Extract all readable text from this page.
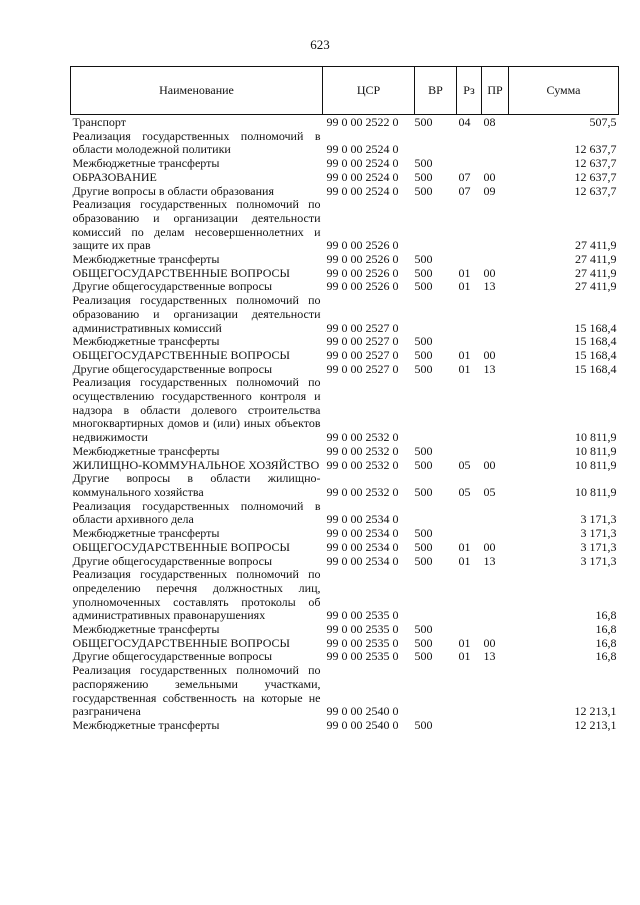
623
Наименование	ЦСР	ВР	Рз	ПР	Сумма
Транспорт	99 0 00 2522 0	500	04	08	507,5
Реализация государственных полномочий в области молодежной политики	99 0 00 2524 0				12 637,7
Межбюджетные трансферты	99 0 00 2524 0	500			12 637,7
ОБРАЗОВАНИЕ	99 0 00 2524 0	500	07	00	12 637,7
Другие вопросы в области образования	99 0 00 2524 0	500	07	09	12 637,7
Реализация государственных полномочий по образованию и организации деятельности комиссий по делам несовершеннолетних и защите их прав	99 0 00 2526 0				27 411,9
Межбюджетные трансферты	99 0 00 2526 0	500			27 411,9
ОБЩЕГОСУДАРСТВЕННЫЕ ВОПРОСЫ	99 0 00 2526 0	500	01	00	27 411,9
Другие общегосударственные вопросы	99 0 00 2526 0	500	01	13	27 411,9
Реализация государственных полномочий по образованию и организации деятельности административных комиссий	99 0 00 2527 0				15 168,4
Межбюджетные трансферты	99 0 00 2527 0	500			15 168,4
ОБЩЕГОСУДАРСТВЕННЫЕ ВОПРОСЫ	99 0 00 2527 0	500	01	00	15 168,4
Другие общегосударственные вопросы	99 0 00 2527 0	500	01	13	15 168,4
Реализация государственных полномочий по осуществлению государственного контроля и надзора в области долевого строительства многоквартирных домов и (или) иных объектов недвижимости	99 0 00 2532 0				10 811,9
Межбюджетные трансферты	99 0 00 2532 0	500			10 811,9
ЖИЛИЩНО-КОММУНАЛЬНОЕ ХОЗЯЙСТВО	99 0 00 2532 0	500	05	00	10 811,9
Другие вопросы в области жилищно-коммунального хозяйства	99 0 00 2532 0	500	05	05	10 811,9
Реализация государственных полномочий в области архивного дела	99 0 00 2534 0				3 171,3
Межбюджетные трансферты	99 0 00 2534 0	500			3 171,3
ОБЩЕГОСУДАРСТВЕННЫЕ ВОПРОСЫ	99 0 00 2534 0	500	01	00	3 171,3
Другие общегосударственные вопросы	99 0 00 2534 0	500	01	13	3 171,3
Реализация государственных полномочий по определению перечня должностных лиц, уполномоченных составлять протоколы об административных правонарушениях	99 0 00 2535 0				16,8
Межбюджетные трансферты	99 0 00 2535 0	500			16,8
ОБЩЕГОСУДАРСТВЕННЫЕ ВОПРОСЫ	99 0 00 2535 0	500	01	00	16,8
Другие общегосударственные вопросы	99 0 00 2535 0	500	01	13	16,8
Реализация государственных полномочий по распоряжению земельными участками, государственная собственность на которые не разграничена	99 0 00 2540 0				12 213,1
Межбюджетные трансферты	99 0 00 2540 0	500			12 213,1
